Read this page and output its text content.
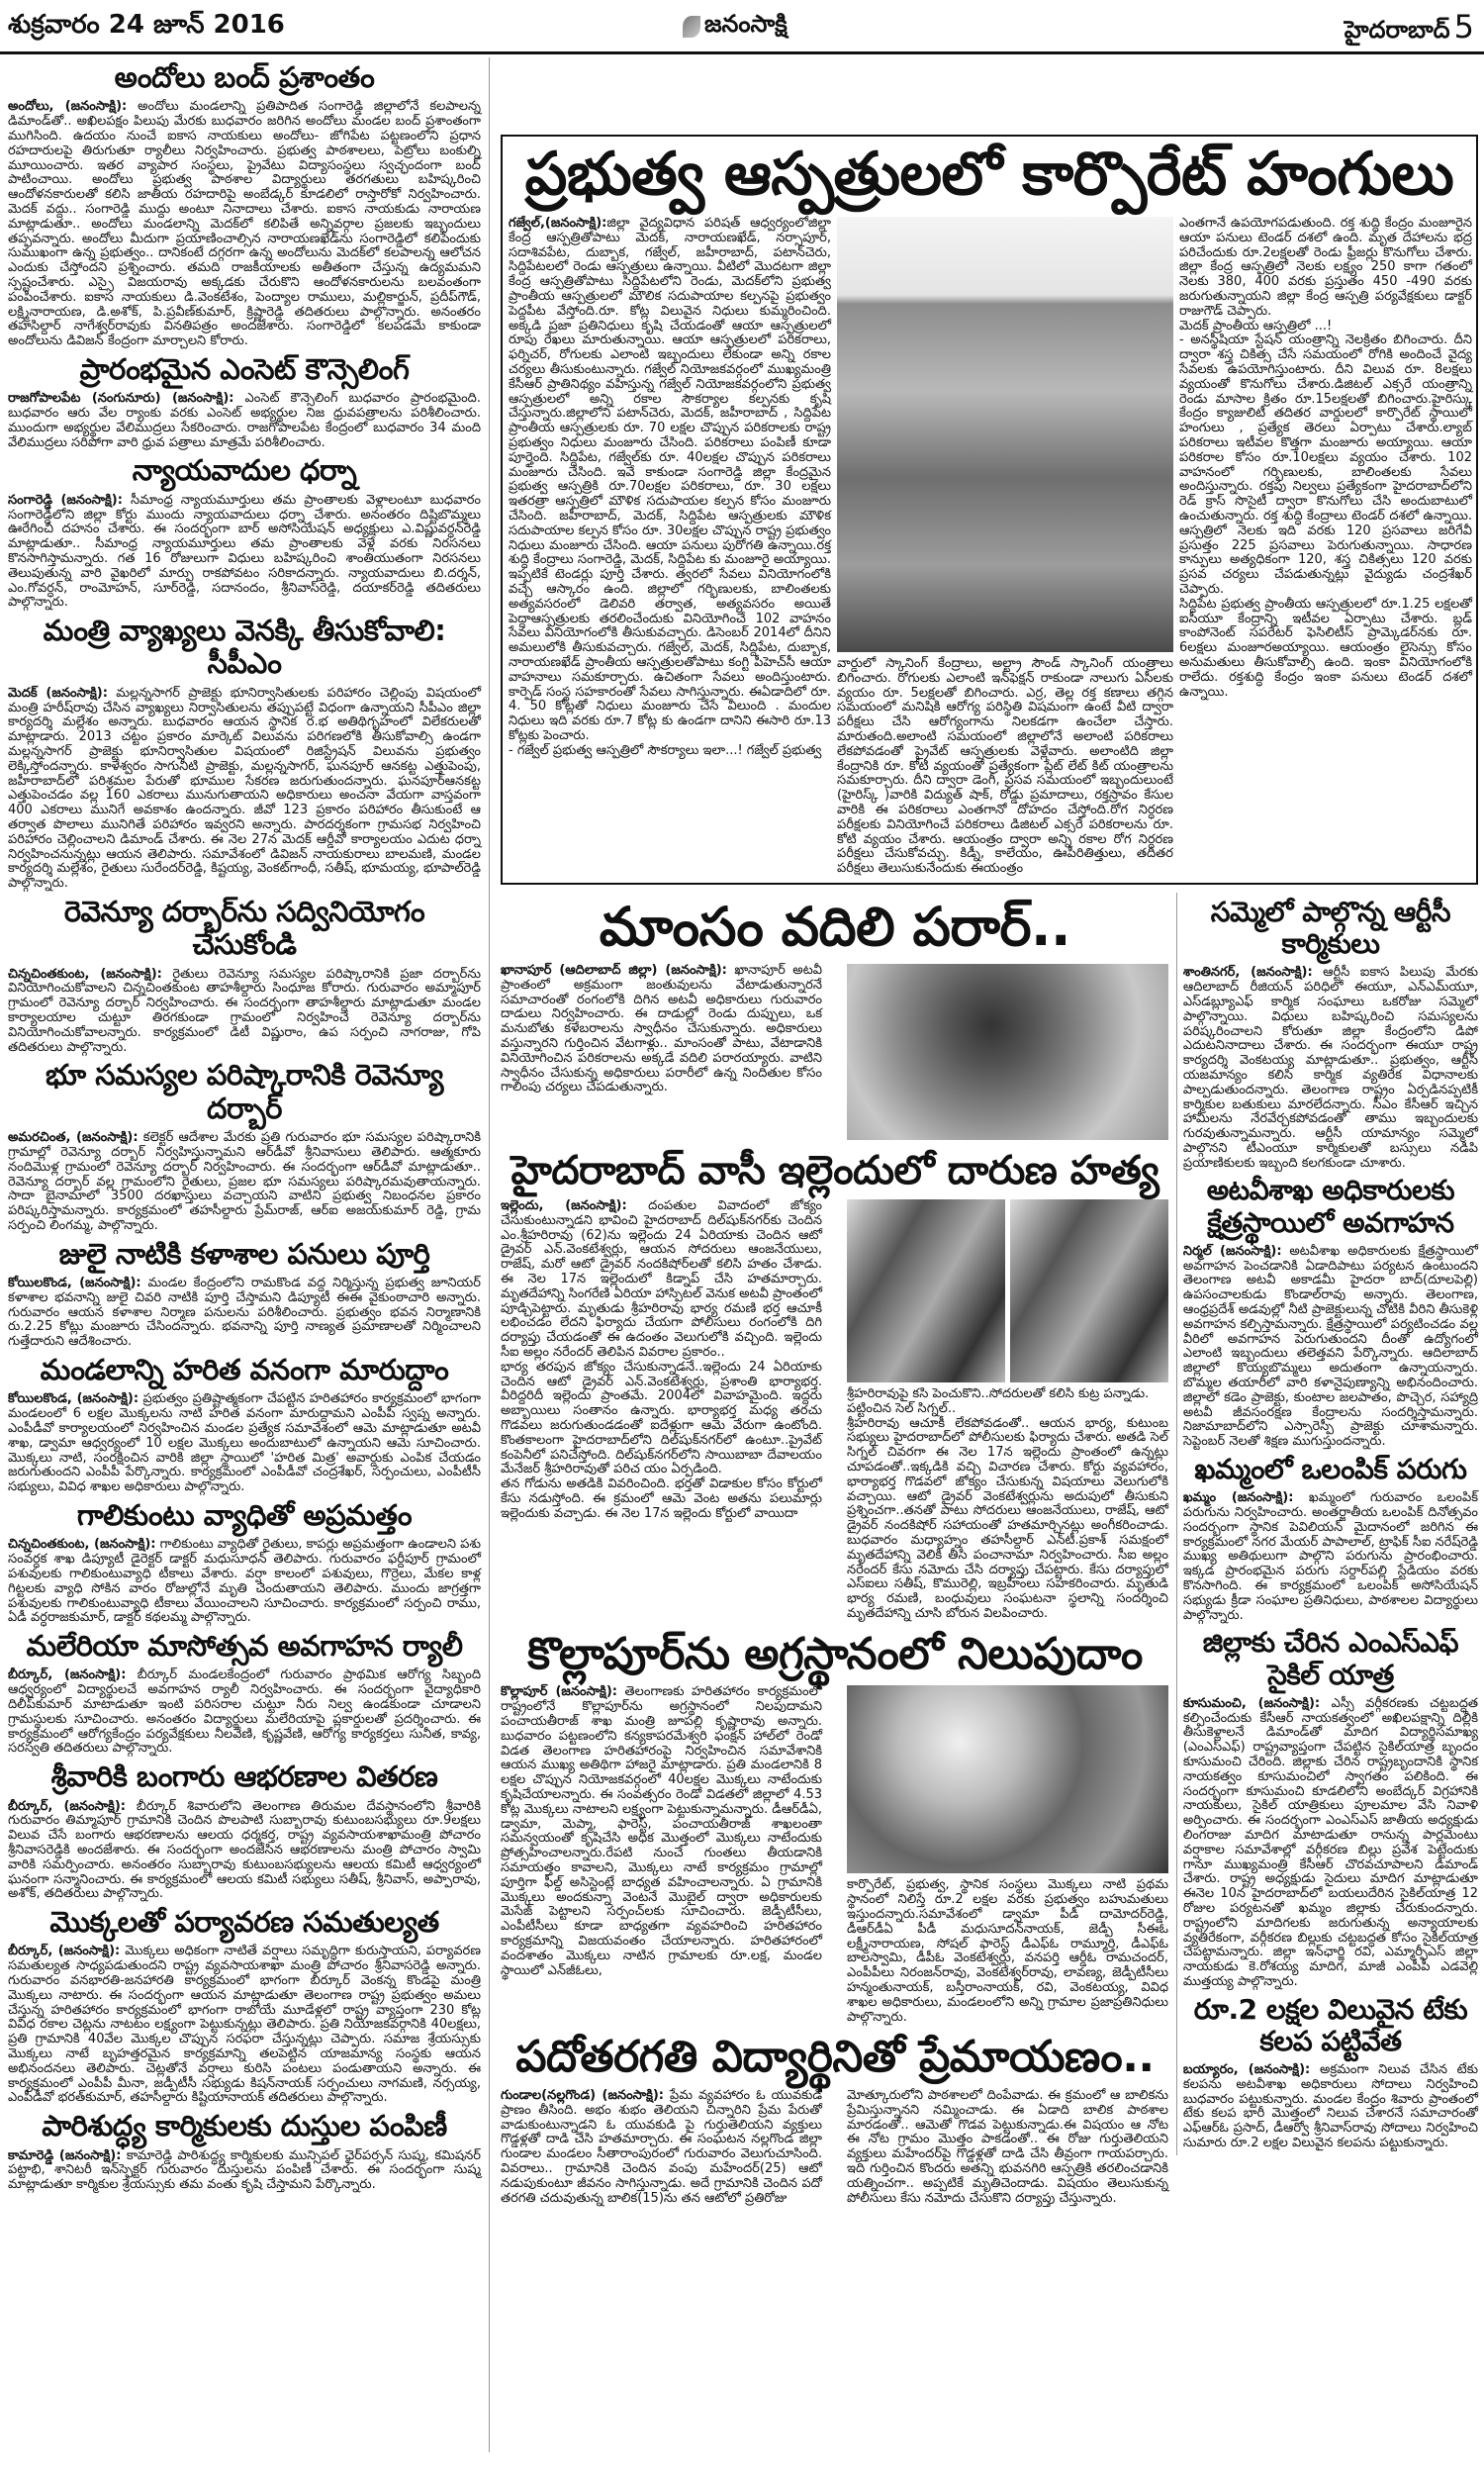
శుక్రవారం 24 జూన్ 2016	జనంసాక్షి	హైదరాబాద్ 5
అందోలు బంద్ ప్రశాంతం

అందోలు, (జనంసాక్షి): అందోలు మండలాన్ని ప్రతిపాదిత సంగారెడ్డి జిల్లాలోనే కలపాలన్న డిమాండ్‌తో.. అఖిలపక్షం పిలుపు మేరకు బుధవారం జరిగిన అందోలు మండల బంద్ ప్రశాంతంగా ముగిసింది. ఉదయం నుంచే ఐకాస నాయకులు అందోలు- జోగిపేట పట్టణంలోని ప్రధాన రహదారులపై తిరుగుతూ ర్యాలీలు నిర్వహించారు. ప్రభుత్వ పాఠశాలలు, పెట్రోలు బంకుల్ని మూయించారు. ఇతర వ్యాపార సంస్థలు, ప్రైవేటు విద్యాసంస్థలు స్వచ్ఛందంగా బంద్ పాటించాయి. అందోలు ప్రభుత్వ పాఠశాల విద్యార్థులు తరగతులు బహిష్కరించి ఆందోళనకారులతో కలిసి జాతీయ రహదారిపై అంబేడ్కర్ కూడలిలో రాస్తారోకో నిర్వహించారు. మెదక్ వద్దు.. సంగారెడ్డి ముద్దు అంటూ నినాదాలు చేశారు. ఐకాస నాయకుడు నారాయణ మాట్లాడుతూ.. అందోలు మండలాన్ని మెదక్‌లో కలిపితే అన్నివర్గాల ప్రజలకు ఇబ్బందులు తప్పవన్నారు. అందోలు మీదుగా ప్రయాణించాల్సిన నారాయణఖేడ్‌ను సంగారెడ్డిలో కలిపేందుకు సుముఖంగా ఉన్న ప్రభుత్వం.. దానికంటే దగ్గరగా ఉన్న అందోలును మెదక్‌లో కలపాలన్న ఆలోచన ఎందుకు చేస్తోందని ప్రశ్నించారు. తమది రాజకీయాలకు అతీతంగా చేస్తున్న ఉద్యమమని స్పష్టంచేశారు. ఎస్సై విజయరావు అక్కడకు చేరుకొని ఆందోళనకారులను బలవంతంగా పంపించేశారు. ఐకాస నాయకులు డి.వెంకటేశం, పెంద్యాల రాములు, మల్లికార్జున్, ప్రదీప్‌గౌడ్, లక్ష్మినారాయణ, డి.అశోక్, పి.ప్రవీణ్‌కుమార్, క్రిష్ణారెడ్డి తదితరులు పాల్గొన్నారు. అనంతరం తహసిల్దార్ నాగేశ్వర్‌రావుకు వినతిపత్రం అందజేశారు. సంగారెడ్డిలో కలపడమే కాకుండా అందోలును డివిజన్ కేంద్రంగా మార్చాలని కోరారు.

ప్రారంభమైన ఎంసెట్ కౌన్సెలింగ్

రాజగోపాలపేట (నంగునూరు) (జనంసాక్షి): ఎంసెట్ కౌన్సెలింగ్ బుధవారం ప్రారంభమైంది. బుధవారం ఆరు వేల ర్యాంకు వరకు ఎంసెట్ అభ్యర్థుల నిజ ధ్రువపత్రాలను పరిశీలించారు. ముందుగా అభ్యర్థుల వేలిముద్రలు సేకరించారు. రాజగోపాలపేట కేంద్రంలో బుధవారం 34 మంది వేలిముద్రలు సరిపోగా వారి ధ్రువ పత్రాలు మాత్రమే పరిశీలించారు.

న్యాయవాదుల ధర్నా

సంగారెడ్డి (జనంసాక్షి): సీమాంధ్ర న్యాయమూర్తులు తమ ప్రాంతాలకు వెళ్లాలంటూ బుధవారం సంగారెడ్డిలోని జిల్లా కోర్టు ముందు న్యాయవాదులు ధర్నా చేశారు. అనంతరం దిష్టిబొమ్మలు ఊరేగించి దహనం చేశారు. ఈ సందర్భంగా బార్ అసోసియేషన్ అధ్యక్షులు ఎ.విష్ణువర్ధన్‌రెడ్డి మాట్లాడుతూ.. సీమాంధ్ర న్యాయమూర్తులు తమ ప్రాంతాలకు వెళ్లే వరకు నిరసనలు కొనసాగిస్తామన్నారు. గత 16 రోజులుగా విధులు బహిష్కరించి శాంతియుతంగా నిరసనలు తెలుపుతున్న వారి వైఖరిలో మార్పు రాకపోవటం సరికాదన్నారు. న్యాయవాదులు బి.దర్శన్, ఎం.గోవర్ధన్, రాంమోహన్, సూర్‌రెడ్డి, సదానందం, శ్రీనివాస్‌రెడ్డి, దయాకర్‌రెడ్డి తదితరులు పాల్గొన్నారు.

మంత్రి వ్యాఖ్యలు వెనక్కి తీసుకోవాలి: సీపీఎం

మెదక్ (జనంసాక్షి): మల్లన్నసాగర్ ప్రాజెక్టు భూనిర్వాసితులకు పరిహారం చెల్లింపు విషయంలో మంత్రి హరీష్‌రావు చేసిన వ్యాఖ్యలు నిర్వాసితులను తప్పుపట్టే విధంగా ఉన్నాయని సీపీఎం జిల్లా కార్యదర్శి మల్లేశం అన్నారు. బుధవారం ఆయన స్థానిక ర.భ అతిథిగృహంలో విలేకరులతో మాట్లాడారు. 2013 చట్టం ప్రకారం మార్కెట్ విలువను పరిగణలోకి తీసుకోవాల్సి ఉండగా మల్లన్నసాగర్ ప్రాజెక్టు భూనిర్వాసితుల విషయంలో రిజిస్ట్రేషన్ విలువను ప్రభుత్వం లెక్కిస్తోందన్నారు. కాళేశ్వరం సాగునీటి ప్రాజెక్టు, మల్లన్నసాగర్, ఘనపూర్ ఆనకట్ట ఎత్తుపెంపు, జహీరాబాద్‌లో పరిశ్రమల పేరుతో భూముల సేకరణ జరుగుతుందన్నారు. ఘనపూర్‌ఆనకట్ట ఎత్తుపెంచడం వల్ల 160 ఎకరాలు మునుగుతాయని అధికారులు అంచనా వేయగా వాస్తవంగా 400 ఎకరాలు మునిగే అవకాశం ఉందన్నారు. జీవో 123 ప్రకారం పరిహారం తీసుకుంటే ఆ తర్వాత పొలాలు మునిగితే పరిహారం ఇవ్వరని అన్నారు. పారదర్శకంగా గ్రామసభ నిర్వహించి పరిహారం చెల్లించాలని డిమాండ్ చేశారు. ఈ నెల 27న మెదక్ ఆర్డీవో కార్యాలయం ఎదుట ధర్నా నిర్వహించనున్నట్లు ఆయన తెలిపారు. సమావేశంలో డివిజన్ నాయకురాలు బాలమణి, మండల కార్యదర్శి మల్లేశం, రైతులు సురేందర్‌రెడ్డి, కిష్టయ్య, వెంకట్‌గాంధీ, సతీష్, భూమయ్య, భూపాల్‌రెడ్డి పాల్గొన్నారు.

రెవెన్యూ దర్బార్‌ను సద్వినియోగం చేసుకోండి

చిన్నచింతకుంట, (జనంసాక్షి): రైతులు రెవెన్యూ సమస్యల పరిష్కారానికి ప్రజా దర్బార్‌ను వినియోగించుకోవాలని చిన్నచింతకుంట తాహశీల్దారు సింధూజ కోరారు. గురువారం అమ్మాపూర్ గ్రామంలో రెవెన్యూ దర్బార్ నిర్వహించారు. ఈ సందర్భంగా తాహశీల్దారు మాట్లాడుతూ మండల కార్యాలయాల చుట్టూ తిరగకుండా గ్రామంలో నిర్వహించే రెవెన్యూ దర్బార్‌ను వినియోగించుకోవాలన్నారు. కార్యక్రమంలో డిటీ విష్ణురాం, ఉప సర్పంచి నాగరాజు, గోపి తదితరులు పాల్గొన్నారు.

భూ సమస్యల పరిష్కారానికి రెవెన్యూ దర్బార్

అమరచింత, (జనంసాక్షి): కలెక్టర్ ఆదేశాల మేరకు ప్రతి గురువారం భూ సమస్యల పరిష్కారానికి గ్రామాల్లో రెవెన్యూ దర్బార్ నిర్వహిస్తున్నామని ఆర్‌డీవో శ్రీనివాసులు తెలిపారు. ఆత్మకూరు నందిమొళ్ల గ్రామంలో రెవెన్యూ దర్బార్ నిర్వహించారు. ఈ సందర్భంగా ఆర్‌డీవో మాట్లాడుతూ.. రెవెన్యూ దర్బార్ వల్ల గ్రామంలోని రైతులు, ప్రజల భూ సమస్యలు పరిష్కారమవుతాయన్నారు. సాదా బైనామాలో 3500 దరఖాస్తులు వచ్చాయని వాటిని ప్రభుత్వ నిబంధనల ప్రకారం పరిష్కరిస్తామన్నారు. కార్యక్రమంలో తహసీల్దారు ప్రేమ్‌రాజ్, ఆర్ఐ అజయ్‌కుమార్ రెడ్డి, గ్రామ సర్పంచి లింగమ్మ, పాల్గొన్నారు.

జులై నాటికి కళాశాల పనులు పూర్తి

కోయిలకొండ, (జనంసాక్షి): మండల కేంద్రంలోని రామకొండ వద్ద నిర్మిస్తున్న ప్రభుత్వ జూనియర్ కళాశాల భవనాన్ని జులై చివరి నాటికి పూర్తి చేస్తామని డిప్యూటీ ఈఈ వైకుంఠాచారి అన్నారు. గురువారం ఆయన కళాశాల నిర్మాణ పనులను పరిశీలించారు. ప్రభుత్వం భవన నిర్మాణానికి రు.2.25 కోట్లు మంజూరు చేసిందన్నారు. భవనాన్ని పూర్తి నాణ్యత ప్రమాణాలతో నిర్మించాలని గుత్తేదారుని ఆదేశించారు.

మండలాన్ని హరిత వనంగా మారుద్దాం

కోయిలకొండ, (జనంసాక్షి): ప్రభుత్వం ప్రతిష్టాత్మకంగా చేపట్టిన హరితహారం కార్యక్రమంలో భాగంగా మండలంలో 6 లక్షల మొక్కలను నాటి హరిత వనంగా మారుద్దామని ఎంపీపీ స్వప్న అన్నారు. ఎంపీడీవో కార్యాలయంలో నిర్వహించిన మండల ప్రత్యేక సమావేశంలో ఆమె మాట్లాడుతూ అటవీ శాఖ, డ్వామా ఆధ్వర్యంలో 10 లక్షల మొక్కలు అందుబాటులో ఉన్నాయని ఆమె సూచించారు. మొక్కలు నాటి, సంరక్షించిన వారికి జిల్లా స్థాయిలో 'హరిత మిత్ర' అవార్డుకు ఎంపిక చేయడం జరుగుతుందని ఎంపీపీ పేర్కొన్నారు. కార్యక్రమంలో ఎంపీడీవో చంద్రశేఖర్, సర్పంచులు, ఎంపీటీసీ సభ్యులు, వివిధ శాఖల అధికారులు పాల్గొన్నారు.

గాలికుంటు వ్యాధితో అప్రమత్తం

చిన్నచింతకుంట, (జనంసాక్షి): గాలికుంటు వ్యాధితో రైతులు, కాపర్లు అప్రమత్తంగా ఉండాలని పశు సంవర్ధక శాఖ డిప్యూటీ డైరెక్టర్ డాక్టర్ మధుసూధన్ తెలిపారు. గురువారం ఫర్దీపూర్ గ్రామంలో పశువులకు గాలికుంటువ్యాధి టీకాలు వేశారు. వర్షా కాలంలో పశువులు, గొర్రెలు, మేకల కాళ్ల గిట్టలకు వ్యాధి సోకిన వారం రోజుల్లోనే మృతి చెందుతాయని తెలిపారు. ముందు జాగ్రత్తగా పశువులకు గాలికుంటువ్యాధి టీకాలు వేయించాలని సూచించారు. కార్యక్రమంలో సర్పంచి రాము, ఏడీ వర్ధరాజకుమార్, డాక్టర్ కథలమ్మ పాల్గొన్నారు.

మలేరియా మాసోత్సవ అవగాహన ర్యాలీ

బీర్కూర్, (జనంసాక్షి): బీర్కూర్ మండలకేంద్రంలో గురువారం ప్రాథమిక ఆరోగ్య సిబ్బంది ఆధ్వర్యంలో విద్యార్థులచే అవగాహన ర్యాలీ నిర్వహించారు. ఈ సందర్భంగా వైద్యాధికారి దిలీప్‌కుమార్ మాటాడుతూ ఇంటి పరిసరాల చుట్టూ నీరు నిల్వ ఉండకుండా చూడాలని గ్రామస్థులకు సూచించారు. అనంతరం విద్యార్థులు మలేరియాపై ప్లకార్డులతో ప్రదర్శించారు. ఈ కార్యక్రమంలో ఆరోగ్యకేంద్రం పర్యవేక్షకులు నీలవేణి, కృష్ణవేణి, ఆరోగ్య కార్యకర్తలు సునీత, కావ్య, సరస్వతి తదితరులు పాల్గొన్నారు.

శ్రీవారికి బంగారు ఆభరణాల వితరణ

బీర్కూర్, (జనంసాక్షి): బీర్కూర్ శివారులోని తెలంగాణ తిరుమల దేవస్థానంలోని శ్రీవారికి గురువారం తిమ్మాపూర్ గ్రామానికి చెందిన పొలపాటి సుబ్బారావు కుటుంబసభ్యులు రూ.9లక్షలు విలువ చేసే బంగారు ఆభరణాలను ఆలయ ధర్మకర్త, రాష్ట్ర వ్యవసాయశాఖామంత్రి పోచారం శ్రీనివాసరెడ్డికి అందజేశారు. ఈ సందర్భంగా అందజేసిన ఆభరణాలను మంత్రి పోచారం స్వామి వారికి సమర్పించారు. అనంతరం సుబ్బారావు కుటుంబసభ్యులను ఆలయ కమిటీ ఆధ్వర్యంలో ఘనంగా సన్మానించారు. ఈ కార్యక్రమంలో ఆలయ కమిటీ సభ్యులు సతీష్, శ్రీనివాస్, అప్పారావు, అశోక్, తదితరులు పాల్గొన్నారు.

మొక్కలతో పర్యావరణ సమతుల్యత

బీర్కూర్, (జనంసాక్షి): మొక్కలు అధికంగా నాటితే వర్షాలు సమృద్ధిగా కురుస్తాయని, పర్యావరణ సమతుల్యత సాధ్యపడుతుందని రాష్ట్ర వ్యవసాయశాఖా మంత్రి పోచారం శ్రీనివాసరెడ్డి అన్నారు. గురువారం వనభారతి-జనహారతి కార్యక్రమంలో భాగంగా బీర్కూర్ వెంకన్న కొండపై మంత్రి మొక్కలు నాటారు. ఈ సందర్భంగా ఆయన మాట్లాడుతూ తెలంగాణ రాష్ట్ర ప్రభుత్వం అమలు చేస్తున్న హరితహారం కార్యక్రమంలో భాగంగా రాబోయే మూడేళ్లలో రాష్ట్ర వ్యాప్తంగా 230 కోట్ల వివిధ రకాల చెట్లను నాటటం లక్ష్యంగా పెట్టుకున్నట్లు తెలిపారు. ప్రతి నియోజకవర్గానికి 40లక్షలు, ప్రతి గ్రామానికి 40వేల మొక్కల చొప్పున సరఫరా చేస్తున్నట్లు చెప్పారు. సమాజ శ్రేయస్సుకు మొక్కలు నాటే బృహత్తరమైన కార్యక్రమాన్ని తలపెట్టిన యాజమాన్య సంస్థకు ఆయన అభినందనలు తెలిపారు. చెట్లతోనే వర్షాలు కురిసి పంటలు పండుతాయని అన్నారు. ఈ కార్యక్రమంలో ఎంపీపీ మీనా, జడ్పీటీసీ సభ్యుడు కిషన్‌నాయక్ సర్పంచులు నాగమణి, నర్సయ్య, ఎంపీడీవో భరత్‌కుమార్, తహసీల్దారు కిష్టియానాయక్ తదితరులు పాల్గొన్నారు.

పారిశుద్ధ్య కార్మికులకు దుస్తుల పంపిణీ

కామారెడ్డి (జనంసాక్షి): కామారెడ్డి పారిశుద్ధ్య కార్మికులకు మున్సిపల్ ఛైర్‌పర్సన్ సుష్మ, కమిషనర్ పట్టాభి, శానిటరీ ఇన్‌స్పెక్టర్ గురువారం దుస్తులను పంపిణీ చేశారు. ఈ సందర్భంగా సుష్మ మాట్లాడుతూ కార్మికుల శ్రేయస్సుకు తమ వంతు కృషి చేస్తామని పేర్కొన్నారు.

ప్రభుత్వ ఆస్పత్రులలో కార్పొరేట్ హంగులు

గజ్వేల్,(జనంసాక్షి):జిల్లా వైద్యవిధాన పరిషత్ ఆధ్వర్యంలోజిల్లా కేంద్ర ఆస్పత్రితోపాటు మెదక్, నారాయణఖేడ్, నర్సాపూర్, సదాశివపేట, దుబ్బాక, గజ్వేల్, జహీరాబాద్, పటాన్‌చెరు, సిద్దిపేటలలో రెండు ఆస్పత్రులు ఉన్నాయి. వీటిలో మొదటగా జిల్లా కేంద్ర ఆస్పత్రితోపాటు సిద్దిపేటలోని రెండు, మెదక్‌లోని ప్రభుత్వ ప్రాంతీయ ఆస్పత్రులలో మౌలిక సదుపాయాల కల్పనపై ప్రభుత్వం పెద్దపీట వేస్తోంది.రూ. కోట్ల విలువైన నిధులు కుమ్మరించింది. అక్కడి ప్రజా ప్రతినిధులు కృషి చేయడంతో ఆయా ఆస్పత్రులలో రూపు రేఖలు మారుతున్నాయి. ఆయా ఆస్పత్రులలో పరికరాలు, ఫర్నిచర్, రోగులకు ఎలాంటి ఇబ్బందులు లేకుండా అన్ని రకాల చర్యలు తీసుకుంటున్నారు. గజ్వేల్ నియోజకవర్గంలో ముఖ్యమంత్రి కేసీఆర్ ప్రాతినిథ్యం వహిస్తున్న గజ్వేల్ నియోజకవర్గంలోని ప్రభుత్వ ఆస్పత్రులలో అన్ని రకాల సౌకర్యాల కల్పనకు కృషి చేస్తున్నారు.జిల్లాలోని పటాన్‌చెరు, మెదక్, జహీరాబాద్ , సిద్దిపేట ప్రాంతీయ ఆస్పత్రులకు రూ. 70 లక్షల చొప్పున పరికరాలకు రాష్ట్ర ప్రభుత్వం నిధులు మంజూరు చేసింది. పరికరాలు పంపిణీ కూడా పూర్తైంది. సిద్దిపేట, గజ్వేల్‌కు రూ. 40లక్షల చొప్పున పరికరాలు మంజూరు చేసింది. ఇవే కాకుండా సంగారెడ్డి జిల్లా కేంద్రమైన ప్రభుత్వ ఆస్పత్రికి రూ.70లక్షల పరికరాలు, రూ. 30 లక్షలు ఇతరత్రా ఆస్పత్రిలో మౌళిక సదుపాయల కల్పన కోసం మంజూరు చేసింది. జహీరాబాద్, మెదక్, సిద్దిపేట ఆస్పత్రులకు మౌళిక సదుపాయాల కల్పన కోసం రూ. 30లక్షల చొప్పున రాష్ట్ర ప్రభుత్వం నిధులు మంజూరు చేసింది. ఆయా పనులు పురోగతి ఉన్నాయి.రక్త శుద్ధి కేంద్రాలు సంగారెడ్డి, మెదక్, సిద్దిపేట కు మంజూరై అయ్యాయి. ఇప్పటికే టెండర్లు పూర్తి చేశారు. త్వరలో సేవలు వినియోగంలోకి వచ్చే ఆస్కారం ఉంది. జిల్లాలో గర్భిణులకు, బాలింతలకు అత్యవసరంలో డెలివరి తర్వాత, అత్యవసరం అయితే పెద్దాఆస్పత్రులకు తరలించేందుకు వినియోగించే 102 వాహనం సేవలు వినియోగంలోకి తీసుకువచ్చారు. డిసెంబర్ 2014లో దీనిని అమలులోకి తీసుకువచ్చారు. గజ్వేల్, మెదక్, సిద్దిపేట, దుబ్బాక, నారాయణఖేడ్ ప్రాంతీయ ఆస్పత్రులతోపాటు కంగ్టి పీహెచ్‌సీ ఆయా వాహనాలు సమకూర్చారు. ఉచితంగా సేవలు అందిస్తుంటారు. కార్పెడ్ సంస్థ సహకారంతో సేవలు సాగిస్తున్నారు. ఈఏడాదిలో రూ. 4. 50 కోట్లతో నిధులు మంజూరు చేసే వీలుంది . మందుల నిధులు ఇది వరకు రూ.7 కోట్ల కు ఉండగా దానిని ఈసారి రూ.13 కోట్లకు పెంచారు.
- గజ్వేల్ ప్రభుత్వ ఆస్పత్రిలో సౌకర్యాలు ఇలా...! గజ్వేల్ ప్రభుత్వ

వార్డులో స్కానింగ్ కేంద్రాలు, అల్ట్రా సౌండ్ స్కానింగ్ యంత్రాలు బిగించారు. రోగులకు ఎలాంటి ఇన్‌ఫెక్షన్ రాకుండా నాలుగు ఏసీలకు వ్యయం రూ. 5లక్షలతో బిగించారు. ఎర్ర, తెల్ల రక్త కణాలు తగ్గిన సమయంలో మనిషికి ఆరోగ్య పరిస్థితి విషమంగా ఉంటే వీటి ద్వారా పరీక్షలు చేసి ఆరోగ్యంగాను నిలకడగా ఉంచేలా చేస్తారు. మారుతంది.అలాంటి సమయంలో జిల్లాలోనే అలాంటి పరికరాలు లేకపోవడంతో ప్రైవేట్ ఆస్పత్రులకు వెళ్లేవారు. అలాంటిది జిల్లా కేంద్రానికి రూ. కోటి వ్యయంతో ప్రత్యేకంగా ప్లేట్ లేట్ కిట్ యంత్రాలను సమకూర్చారు. దీని ద్వారా డెంగీ, ప్రసవ సమయంలో ఇబ్బందులుంటే (హైరిస్క్ )వారికి విద్యుత్ షాక్, రోడ్డు ప్రమాదాలు, రక్తస్రావం కేసుల వారికి ఈ పరికరాలు ఎంతగానో దోహదం చేస్తోంది.రోగ నిర్ధరణ పరీక్షలకు వినియోగించే పరికరాలు డిజిటల్ ఎక్సరే పరికరాలను రూ. కోటి వ్యయం చేశారు. ఆయంత్రం ద్వారా అన్ని రకాల రోగ నిర్ధరణ పరీక్షలు చేసుకోవచ్చు. కిడ్నీ, కాలేయం, ఊపిరితిత్తులు, తదితర పరీక్షలు తెలుసుకునేందుకు ఈయంత్రం

ఎంతగానే ఉపయోగపడుతుంది. రక్త శుద్ధి కేంద్రం మంజూరైన ఆయా పనులు టెండర్ దశలో ఉంది. మృత దేహాలను భద్ర పరిచేందుకు రూ.2లక్షలతో రెండు ఫ్రీజర్లు కొనుగోలు చేశారు. జిల్లా కేంద్ర ఆస్పత్రిలో నెలకు లక్ష్యం 250 కాగా గతంలో నెలకు 380, 400 వరకు ప్రస్తుతం 450 -490 వరకు జరుగుతున్నాయని జిల్లా కేంద్ర ఆస్పత్రి పర్యవేక్షకులు డాక్టర్ రాజుగౌడ్ చెప్పారు.
మెదక్ ప్రాంతీయ ఆస్పత్రిలో ...!
- అనస్థీషియా స్టేషన్ యంత్రాన్ని నెలక్రితం బిగించారు. దీని ద్వారా శస్త్ర చికిత్స చేసే సమయంలో రోగికి అందించే వైద్య సేవలకు ఉపయోగిస్తుంటారు. దీని విలువ రూ. 8లక్షలు వ్యయంతో కొనుగోలు చేశారు.డిజిటల్ ఎక్సరే యంత్రాన్ని రెండు మాసాల క్రితం రూ.15లక్షలతో బిగించారు.హైరిస్కు కేంద్రం క్యాజులిటీ తదితర వార్డులలో కార్పొరేట్ స్థాయిలో హంగులు , ప్రత్యేక తెరలు ఏర్పాటు చేశారు.ల్యాబ్ పరికరాలు ఇటీవల కొత్తగా మంజూరు అయ్యాయి. ఆయా పరికరాల కోసం రూ.10లక్షలు వ్యయం చేశారు. 102 వాహనంలో గర్భిణులకు, బాలింతలకు సేవలు అందిస్తున్నారు. రక్తపు నిల్వలు ప్రత్యేకంగా హైదరాబాద్‌లోని రెడ్ క్రాస్ సొసైటీ ద్వారా కొనుగోలు చేసి అందుబాటులో ఉంచుతున్నారు. రక్త శుద్ధి కేంద్రాలు టెండర్ దశలో ఉన్నాయి. ఆస్పత్రిలో నెలకు ఇది వరకు 120 ప్రసవాలు జరిగేవీ ప్రసుత్తం 225 ప్రసవాలు పెరుగుతున్నాయి. సాధారణ కాన్పులు అత్యధికంగా 120, శస్త్ర చికిత్సలు 120 వరకు ప్రసవ చర్యలు చేపడుతున్నట్లు వైద్యుడు చంద్రశేఖర్ చెప్పారు.
సిద్దిపేట ప్రభుత్వ ప్రాంతీయ ఆస్పత్రులలో రూ.1.25 లక్షలతో ఐసీయూ కేంద్రాన్ని ఇటీవల ఏర్పాటు చేశారు. బ్లడ్ కాంపోనెంట్ సపరేటర్ ఫెసిలిటీస్ ప్రామ్కెడర్‌నకు రూ. 6లక్షలు మంజూరఅయ్యాయి. ఆయంత్రం లైసెన్సు కోసం అనుమతులు తీసుకోవాల్సి ఉంది. ఇంకా వినియోగంలోకి రాలేదు. రక్తశుద్ధి కేంద్రం ఇంకా పనులు టెండర్ దశలో ఉన్నాయి.

మాంసం వదిలి పరార్..

ఖానాపూర్ (ఆదిలాబాద్ జిల్లా) (జనంసాక్షి): ఖానాపూర్ అటవీ ప్రాంతంలో అక్రమంగా జంతువులను వేటాడుతున్నారనే సమాచారంతో రంగంలోకి దిగిన అటవీ అధికారులు గురువారం దాడులు నిర్వహించారు. ఈ దాడుల్లో రెండు దుప్పులు, ఒక మనుబోతు కళేబరాలను స్వాధీనం చేసుకున్నారు. అధికారులు వస్తున్నారని గుర్తించిన వేటగాళ్లు.. మాంసంతో పాటు, వేటాడానికి వినియోగించిన పరికరాలను అక్కడే వదిలి పరారయ్యారు. వాటిని స్వాధీనం చేసుకున్న అధికారులు పరారీలో ఉన్న నిందితుల కోసం గాలింపు చర్యలు చేపడుతున్నారు.

హైదరాబాద్ వాసీ ఇల్లెందులో దారుణ హత్య

ఇల్లెందు, (జనంసాక్షి): దంపతుల వివాదంలో జోక్యం చేసుకుంటున్నాడని భావించి హైదరాబాద్ దిల్‌షుక్‌నగర్‌కు చెందిన ఎం.శ్రీహరిరావు (62)ను ఇల్లెందు 24 ఏరియాకు చెందిన ఆటో డ్రైవర్ ఎన్.వెంకటేశ్వర్లు, ఆయన సోదరులు ఆంజనేయులు, రాజేష్, మరో ఆటో డ్రైవర్ నందకిషోర్‌లతో కలిసి హతం చేశాడు. ఈ నెల 17న ఇల్లెందులో కిడ్నాప్ చేసి హతమార్చారు. మృతదేహాన్ని సింగరేణి ఏరియా హాస్పిటల్ వెనుక అటవీ ప్రాంతంలో పూడ్చిపెట్టారు. మృతుడు శ్రీహరిరావు భార్య రమణి భర్త ఆచూకీ లభించడం లేదని ఫిర్యాదు చేయగా పోలీసులు రంగంలోకి దిగి దర్యాప్తు చేయడంతో ఈ ఉదంతం వెలుగులోకి వచ్చింది. ఇల్లెందు సీఐ అల్లం నరేందర్ తెలిపిన వివరాల ప్రకారం..
భార్య తరపున జోక్యం చేసుకున్నాడనే..ఇల్లెందు 24 ఏరియాకు చెందిన ఆటో డ్రైవర్ ఎన్.వెంకటేశ్వర్లు, ప్రశాంతి భార్యాభర్త. వీరిద్దరిదీ ఇల్లెందు ప్రాంతమే. 2004లో వివాహమైంది. ఇద్దరు అబ్బాయిలు సంతానం ఉన్నారు. భార్యాభర్త మధ్య తరచు గొడవలు జరుగుతుండడంతో ఐదేళ్లుగా ఆమె వేరుగా ఉంటోంది. కొంతకాలంగా హైదరాబాద్‌లోని దిల్‌షుక్‌నగర్‌లో ఉంటూ..ప్రైవేట్ కంపెనీలో పనిచేస్తోంది. దిల్‌షుక్‌నగర్‌లోని సాయిబాబా దేవాలయం మేనేజర్ శ్రీహరిరావుతో పరిచ యం ఏర్పడింది.
తన గోడును అతడికి వివరించింది. భర్తతో విడాకుల కోసం కోర్టులో కేసు నడుస్తోంది. ఈ క్రమంలో ఆమె వెంట అతను పలుమార్లు ఇల్లెందుకు వచ్చాడు. ఈ నెల 17న ఇల్లెందు కోర్టులో వాయిదా

శ్రీహరిరావుపై కసి పెంచుకొని..సోదరులతో కలిసి కుట్ర పన్నాడు.
పట్టించిన సెల్ సిగ్నల్..
శ్రీహరిరావు ఆచూకీ లేకపోవడంతో.. ఆయన భార్య, కుటుంబ సభ్యులు హైదరాబాద్‌లో పోలీసులకు ఫిర్యాదు చేశారు. అతడి సెల్ సిగ్నల్ చివరగా ఈ నెల 17న ఇల్లెందు ప్రాంతంలో ఉన్నట్లు చూపడంతో..ఇక్కడికి వచ్చి విచారణ చేశారు. కోర్టు వ్యవహారం, భార్యాభర్త గొడవలో జోక్యం చేసుకున్న విషయాలు వెలుగులోకి వచ్చాయి. ఆటో డ్రైవర్ వెంకటేశ్వర్లును అదుపులో తీసుకుని ప్రశ్నించగా..తనతో పాటు సోదరులు ఆంజనేయులు, రాజేష్, ఆటో డ్రైవర్ నందకిషోర్ సహాయంతో హతమార్చినట్లు అంగీకరించాడు. బుధవారం మధ్యాహ్నం తహసీల్దార్ ఎన్‌టీ.ప్రకాశ్ సమక్షంలో మృతదేహాన్ని వెలికి తీసి పంచానామా నిర్వహించారు. సీఐ అల్లం నరేందర్ కేసు నమోదు చేసి దర్యాప్తు చేపట్టారు. కేసు దర్యాప్తులో ఎస్‌ఐలు సతీష్, కొమురెల్లి, ఇబ్రహీంలు సహకరించారు. మృతుడి భార్య రమణి, బంధువులు సంఘటనా స్థలాన్ని సందర్శించి మృతదేహాన్ని చూసి బోరున విలపించారు.

కొల్లాపూర్‌ను అగ్రస్థానంలో నిలుపుదాం

కొల్లాపూర్ (జనంసాక్షి): తెలంగాణకు హరితహారం కార్యక్రమంలో రాష్ట్రంలోనే కొల్లాపూర్‌ను అగ్రస్థానంలో నిలపుదామని పంచాయతీరాజ్ శాఖ మంత్రి జూపల్లి కృష్ణారావు అన్నారు. బుధవారం పట్టణంలోని కన్యకాపరమేశ్వరి ఫంక్షన్ హాల్‌లో రెండో విడత తెలంగాణ హరితహారంపై నిర్వహించిన సమావేశానికి ఆయన ముఖ్య అతిథిగా హాజరై మాట్లాడారు. ప్రతి మండలానికి 8 లక్షల చొప్పున నియోజకవర్గంలో 40లక్షల మొక్కలు నాటేందుకు కృషిచేయాలన్నారు. ఈ సంవత్సరం రెండో విడతలో జిల్లాలో 4.53 కోట్ల మొక్కలు నాటాలని లక్ష్యంగా పెట్టుకున్నామన్నారు. డీఆర్‌డీఏ, డ్వామా, మెప్మా, ఫారెస్ట్, పంచాయతీరాజ్ శాఖలంతా సమన్వయంతో కృషిచేసి అధిక మొత్తంలో మొక్కలు నాటేందుకు ప్రోత్సహించాలన్నారు.రేపటి నుంచే గుంతలు తీయడానికి సమాయత్తం కావాలని, మొక్కలు నాటే కార్యక్రమం గ్రామాల్లో పూర్తిగా ఫీల్డ్ అసిస్టెంట్లే బాధ్యత వహించాలన్నారు. ఏ గ్రామానికి మొక్కలు అందకున్నా వెంటనే మొబైల్ ద్వారా అధికారులకు మెసేజ్ పెట్టాలని సర్పంచ్‌లకు సూచించారు. జెడ్పీటీసీలు, ఎంపీటీసీలు కూడా బాధ్యతగా వ్యవహరించి హరితహారం కార్యక్రమాన్ని విజయవంతం చేయాలన్నారు. హరితహారంలో వందశాతం మొక్కలు నాటిన గ్రామాలకు రూ.లక్ష, మండల స్థాయిలో ఎన్‌జీఓలు,

కార్పొరేట్, ప్రభుత్వ, స్థానిక సంస్థలు మొక్కలు నాటి ప్రథమ స్థానంలో నిలిస్తే రూ.2 లక్షల వరకు ప్రభుత్వం బహుమతులు ఇస్తుందన్నారు.సమావేశంలో డ్వామా పీడీ దామోదర్‌రెడ్డి, డీఆర్‌డీఏ పీడీ మధుసూదన్‌నాయక్, జెడ్పీ సీఈఓ లక్ష్మీనారాయణ, సోషల్ ఫారెస్ట్ డీఎఫ్ఓ రామ్మూర్తి, డీఎఫ్ఓ బాలస్వామి, డీపీఓ వెంకటేశ్వర్లు, వనపర్తి ఆర్డీఓ రామచందర్, ఎంపీపీలు నిరంజన్‌రావు, వెంకటేశ్వర్‌రావు, లావణ్య, జెడ్పీటీసీలు హన్మంతునాయక్, బస్తీరాంనాయక్, రవి, వెంకటయ్య, వివిధ శాఖల అధికారులు, మండలంలోని అన్ని గ్రామాల ప్రజాప్రతినిధులు పాల్గొన్నారు.

పదోతరగతి విద్యార్థినితో ప్రేమాయణం..

గుండాల(నల్లగొండ) (జనంసాక్షి): ప్రేమ వ్యవహారం ఓ యువకుడి ప్రాణం తీసింది. అభం శుభం తెలియని చిన్నారిని ప్రేమ పేరుతో వాడుకుంటున్నాడని ఓ యువకుడి పై గుర్తుతెలియని వ్యక్తులు గొడ్డళ్లతో దాడి చేసి హతమార్చారు. ఈ సంఘటన నల్లగొండ జిల్లా గుండాల మండలం సీతారాంపురంలో గురువారం వెలుగుచూసింది. వివరాలు.. గ్రామానికి చెందిన వంపు మహేందర్(25) ఆటో నడుపుకుంటూ జీవనం సాగిస్తున్నాడు. అదే గ్రామానికి చెందిన పదో తరగతి చదువుతున్న బాలిక(15)ను తన ఆటోలో ప్రతిరోజు

మోత్కూరులోని పాఠశాలలో దింపేవాడు. ఈ క్రమంలో ఆ బాలికను ప్రేమిస్తున్నానని నమ్మించాడు. ఈ ఏడాది బాలిక పాఠశాల మారడంతో.. ఆమెతో గొడవ పెట్టుకున్నాడు.ఈ విషయం ఆ నోట ఈ నోట గ్రామం మొత్తం పాకడంతో.. ఈ రోజు గుర్తుతెలియని వ్యక్తులు మహేందర్‌పై గొడ్డళ్లతో దాడి చేసి తీవ్రంగా గాయపర్చారు. ఇది గుర్తించిన కొందరు అతన్ని భువనగిరి ఆస్పత్రికి తరలించడానికి యత్నించగా.. అప్పటికే మృతిచెందాడు. విషయం తెలుసుకున్న పోలీసులు కేసు నమోదు చేసుకొని దర్యాప్తు చేస్తున్నారు.

సమ్మెలో పాల్గొన్న ఆర్టీసీ కార్మికులు

శాంతినగర్, (జనంసాక్షి): ఆర్టీసీ ఐకాస పిలుపు మేరకు ఆదిలాబాద్ రీజియన్ పరిధిలో ఈయూ, ఎన్ఎమ్‌యూ, ఎస్‌డబ్ల్యూఎఫ్ కార్మిక సంఘాలు ఒకరోజు సమ్మెలో పాల్గొన్నాయి. విధులు బహిష్కరించి సమస్యలను పరిష్కరించాలని కోరుతూ జిల్లా కేంద్రంలోని డిపో ఎదుటనినాదాలు చేశారు. ఈ సందర్భంగా ఈయూ రాష్ట్ర కార్యదర్శి వెంకటయ్య మాట్లాడుతూ.. ప్రభుత్వం, ఆర్టీసీ యజమాన్యం కలిసి కార్మిక వ్యతిరేక విధానాలకు పాల్పడుతుందన్నారు. తెలంగాణ రాష్ట్రం ఏర్పడినప్పటికీ కార్మికుల బతుకులు మారలేదన్నారు. సీఎం కేసీఆర్ ఇచ్చిన హామీలను నేరవేర్చకపోవడంతో తాము ఇబ్బందులకు గురవుతున్నామన్నారు. ఆర్టీసీ యామాన్యం సమ్మెలో పాల్గొనని టీఎంయూ కార్మికులతో బస్సులు నడిపి ప్రయాణికులకు ఇబ్బంది కలగకుండా చూశారు.

అటవీశాఖ అధికారులకు క్షేత్రస్థాయిలో అవగాహన

నిర్మల్ (జనంసాక్షి): అటవీశాఖ అధికారులకు క్షేత్రస్థాయిలో అవగాహన పెంచడానికి ఏడాదిపాటు పర్యటన ఉంటుందని తెలంగాణ అటవీ అకాడమీ హైదరా బాద్(దూలపెల్లి) ఉపసంచాలకుడు కొండాల్‌రావు అన్నారు. తెలంగాణ, ఆంధ్రప్రదేశ్ అడవుల్లో నీటి ప్రాజెక్టులున్న చోటికి వీరిని తీసుకెళ్లి అవగాహన కల్పిస్తామన్నారు. క్షేత్రస్థాయిలో పర్యటించడం వల్ల వీరిలో అవగాహన పెరుగుతుందని దీంతో ఉద్యోగంలో ఎలాంటి ఇబ్బందులు తలెత్తవని పేర్కొన్నారు. ఆదిలాబాద్ జిల్లాలో కొయ్యబొమ్మలు అదుతంగా ఉన్నాయన్నారు. బొమ్మల తయారీలో వారి కళానైపుణ్యాన్ని అభినందించారు. జిల్లాలో కడెం ప్రాజెక్టు, కుంటాల జలపాతం, పొచ్చెర, సహ్యాద్రి అటవీ జీవసంరక్షణ కేంద్రాలను సందర్శిస్తామన్నారు. నిజామాబాద్‌లోని ఎస్సారెస్పీ ప్రాజెక్టు చూశామన్నారు. సెప్టెంబర్ నెలతో శిక్షణ ముగుస్తుందన్నారు.

ఖమ్మంలో ఒలంపిక్ పరుగు

ఖమ్మం (జనంసాక్షి): ఖమ్మంలో గురువారం ఒలంపిక్ పరుగును నిర్వహించారు. అంతర్జాతీయ ఒలంపిక్ దినోత్సవం సందర్భంగా స్థానిక పెవిలియన్ మైదానంలో జరిగిన ఈ కార్యక్రమంలో నగర మేయర్ పాపాలాల్, ట్రాఫిక్ సీఐ నరేష్‌రెడ్డి ముఖ్య అతిథులుగా పాల్గొని పరుగును ప్రారంభించారు. ఇక్కడ ప్రారంభమైన పరుగు సర్దార్‌పల్లి స్టేడియం వరకు కొనసాగింది. ఈ కార్యక్రమంలో ఒలంపిక్ అసోసియేషన్ సభ్యుడు క్రీడా సంఘాల ప్రతినిధులు, పాఠశాలల విద్యార్థులు పాల్గొన్నారు.

జిల్లాకు చేరిన ఎంఎస్ఎఫ్ సైకిల్ యాత్ర

కూసుమంచి, (జనంసాక్షి): ఎస్సీ వర్గీకరణకు చట్టబద్ధత కల్పించేందుకు కేసీఆర్ నాయకత్వంలో అఖిలపక్షాన్ని దిల్లీకి తీసుకెళ్లాలనే డిమాండ్‌తో మాదిగ విద్యార్థిసమాఖ్య (ఎంఎస్ఎఫ్) రాష్ట్రవ్యాప్తంగా చేపట్టిన సైకిల్‌యాత్ర బృందం కూసుమంచి చేరింది. జిల్లాకు చేరిన రాష్ట్రబృందానికి స్థానిక నాయకత్వం కూసుమంచిలో స్వాగతం పలికింది. ఈ సందర్భంగా కూసుమంచి కూడలిలోని అంబేద్కర్ విగ్రహానికి నాయకులు, సైకిల్ యాత్రికులు పూలమాల వేసి నివాళి అర్పించారు. ఈ సందర్భంగా ఎంఎస్ఎస్ జాతీయ అధ్యక్షుడు లింగరాజు మాదిగ మాటాడుతూ రానున్న పార్లమెంటు వర్షాకాల సమావేశాల్లో వర్గీకరణ బిల్లు ప్రవేశ పెట్టేందుకు గానూ ముఖ్యమంత్రి కేసీఆర్ చొరవచూపాలని డిమాండ్ చేశారు. రాష్ట్ర అధ్యక్షుడు సైదులు మాదిగ మాట్లాడుతూ ఈనెల 10న హైదరాబాద్‌లో బయలుదేరిన సైకిల్‌యాత్ర 12 రోజుల పర్యటనతో ఖమ్మం జిల్లాకు చేరుకుందన్నారు. రాష్ట్రంలోని మాదిగలకు జరుగుతున్న అన్యాయాలకు వ్యతిరేకంగా, వర్గీకరణ బిల్లుకు చట్టబద్ధత కోసం సైకిల్‌యాత్ర చేపట్టామన్నారు. జిల్లా ఇన్‌ఛార్జి రవి, ఎమ్మార్పీఎస్ జిల్లా నాయకుడు కె.రోశయ్య మాదిగ, మాజీ ఎంపీపీ ఎడవెల్లి ముత్తయ్య పాల్గొన్నారు.

రూ.2 లక్షల విలువైన టేకు కలప పట్టివేత

బయ్యారం, (జనంసాక్షి): అక్రమంగా నిలువ చేసిన టేకు కలపను అటవీశాఖ అధికారులు సోదాలు నిర్వహించి బుధవారం పట్టుకున్నారు. మండల కేంద్రం శివారు ప్రాంతంలో టేకు కలప భారీ మొత్తంలో నిలువ చేశారనే సమాచారంతో ఎఫ్ఆర్ఓ ప్రసాద్, డీఆర్వో శ్రీనివాస్‌రావు సోదాలు నిర్వహించి సుమారు రూ.2 లక్షల విలువైన కలపను పట్టుకున్నారు.
